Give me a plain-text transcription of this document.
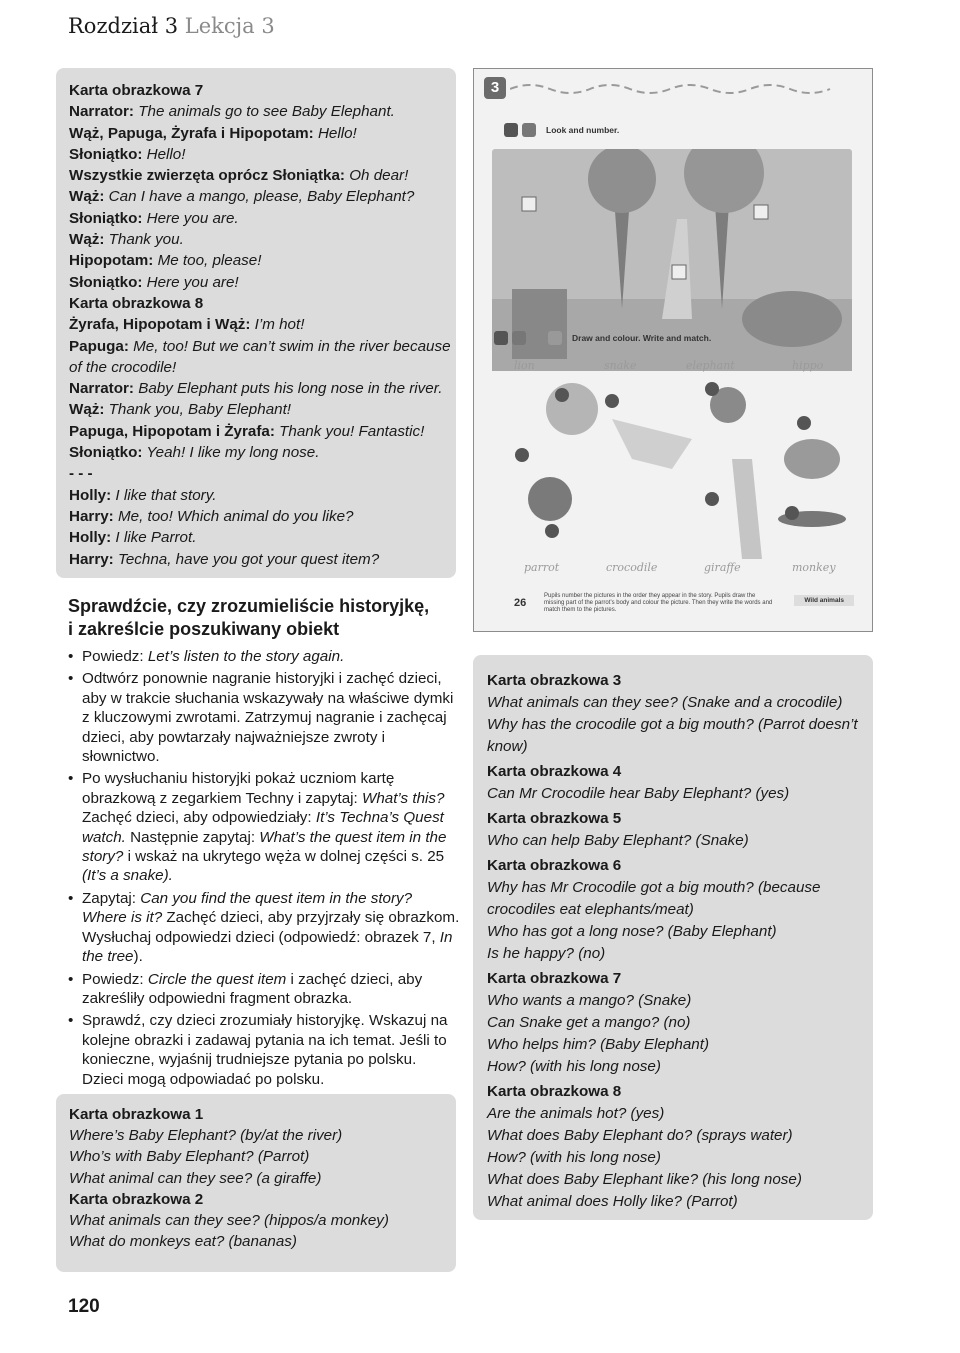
Rozdział 3 Lekcja 3

Karta obrazkowa 7

Narrator: The animals go to see Baby Elephant.

Wąż, Papuga, Żyrafa i Hipopotam: Hello!

Słoniątko: Hello!

Wszystkie zwierzęta oprócz Słoniątka: Oh dear!

Wąż: Can I have a mango, please, Baby Elephant?

Słoniątko: Here you are.

Wąż: Thank you.

Hipopotam: Me too, please!

Słoniątko: Here you are!

Karta obrazkowa 8

Żyrafa, Hipopotam i Wąż: I’m hot!

Papuga: Me, too! But we can’t swim in the river because of the crocodile!

Narrator: Baby Elephant puts his long nose in the river.

Wąż: Thank you, Baby Elephant!

Papuga, Hipopotam i Żyrafa: Thank you! Fantastic!

Słoniątko: Yeah! I like my long nose.

- - -

Holly: I like that story.

Harry: Me, too! Which animal do you like?

Holly: I like Parrot.

Harry: Techna, have you got your quest item?

3
Look and number.
Draw and colour. Write and match.
lion	snake	elephant	hippo
parrot	crocodile	giraffe	monkey
26
Pupils number the pictures in the order they appear in the story. Pupils draw the missing part of the parrot’s body and colour the picture. Then they write the words and match them to the pictures.
Wild animals
Sprawdźcie, czy zrozumieliście historyjkę,
i zakreślcie poszukiwany obiekt
• Powiedz: Let’s listen to the story again.
• Odtwórz ponownie nagranie historyjki i zachęć dzieci, aby w trakcie słuchania wskazywały na właściwe dymki z kluczowymi zwrotami. Zatrzymuj nagranie i zachęcaj dzieci, aby powtarzały najważniejsze zwroty i słownictwo.
• Po wysłuchaniu historyjki pokaż uczniom kartę obrazkową z zegarkiem Techny i zapytaj: What’s this? Zachęć dzieci, aby odpowiedziały: It’s Techna’s Quest watch. Następnie zapytaj: What’s the quest item in the story? i wskaż na ukrytego węża w dolnej części s. 25 (It’s a snake).
• Zapytaj: Can you find the quest item in the story? Where is it? Zachęć dzieci, aby przyjrzały się obrazkom. Wysłuchaj odpowiedzi dzieci (odpowiedź: obrazek 7, In the tree).
• Powiedz: Circle the quest item i zachęć dzieci, aby zakreśliły odpowiedni fragment obrazka.
• Sprawdź, czy dzieci zrozumiały historyjkę. Wskazuj na kolejne obrazki i zadawaj pytania na ich temat. Jeśli to konieczne, wyjaśnij trudniejsze pytania po polsku. Dzieci mogą odpowiadać po polsku.

Karta obrazkowa 1

Where’s Baby Elephant? (by/at the river)

Who’s with Baby Elephant? (Parrot)

What animal can they see? (a giraffe)

Karta obrazkowa 2

What animals can they see? (hippos/a monkey)

What do monkeys eat? (bananas)

Karta obrazkowa 3

What animals can they see? (Snake and a crocodile)

Why has the crocodile got a big mouth? (Parrot doesn’t know)

Karta obrazkowa 4

Can Mr Crocodile hear Baby Elephant? (yes)

Karta obrazkowa 5

Who can help Baby Elephant? (Snake)

Karta obrazkowa 6

Why has Mr Crocodile got a big mouth? (because crocodiles eat elephants/meat)

Who has got a long nose? (Baby Elephant)

Is he happy? (no)

Karta obrazkowa 7

Who wants a mango? (Snake)

Can Snake get a mango? (no)

Who helps him? (Baby Elephant)

How? (with his long nose)

Karta obrazkowa 8

Are the animals hot? (yes)

What does Baby Elephant do? (sprays water)

How? (with his long nose)

What does Baby Elephant like? (his long nose)

What animal does Holly like? (Parrot)

120
